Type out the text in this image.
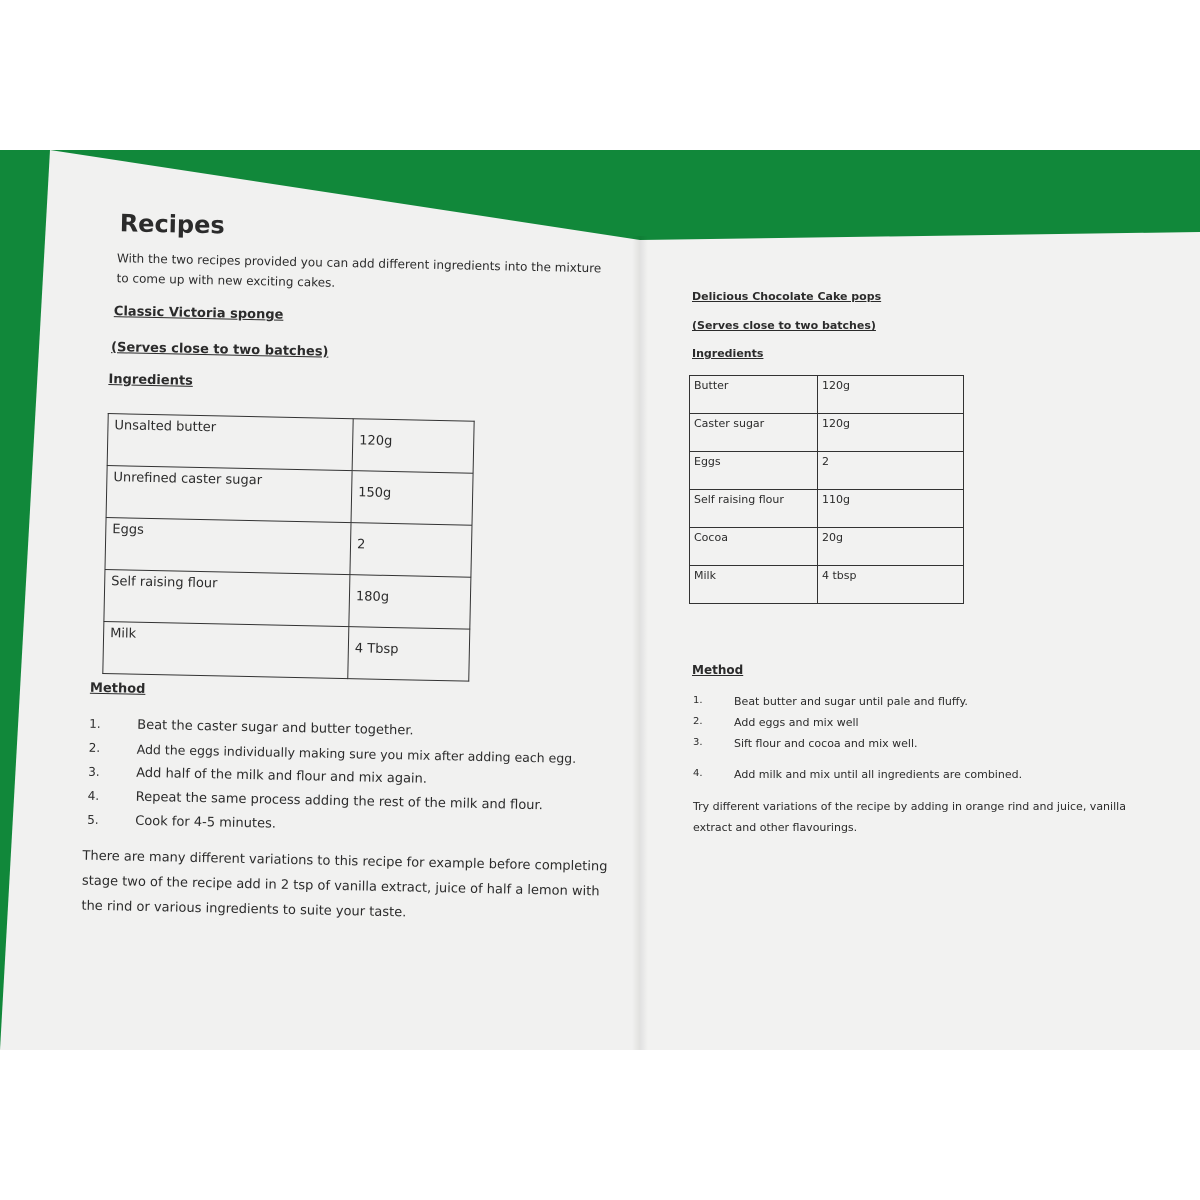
Recipes
With the two recipes provided you can add different ingredients into the mixture
to come up with new exciting cakes.
Classic Victoria sponge
(Serves close to two batches)
Ingredients
Unsalted butter	120g
Unrefined caster sugar	150g
Eggs	2
Self raising flour	180g
Milk	4 Tbsp
Method
1.	Beat the caster sugar and butter together.
2.	Add the eggs individually making sure you mix after adding each egg.
3.	Add half of the milk and flour and mix again.
4.	Repeat the same process adding the rest of the milk and flour.
5.	Cook for 4-5 minutes.
There are many different variations to this recipe for example before completing
stage two of the recipe add in 2 tsp of vanilla extract, juice of half a lemon with
the rind or various ingredients to suite your taste.
Delicious Chocolate Cake pops
(Serves close to two batches)
Ingredients
Butter	120g
Caster sugar	120g
Eggs	2
Self raising flour	110g
Cocoa	20g
Milk	4 tbsp
Method
1.	Beat butter and sugar until pale and fluffy.
2.	Add eggs and mix well
3.	Sift flour and cocoa and mix well.
4.	Add milk and mix until all ingredients are combined.
Try different variations of the recipe by adding in orange rind and juice, vanilla
extract and other flavourings.
